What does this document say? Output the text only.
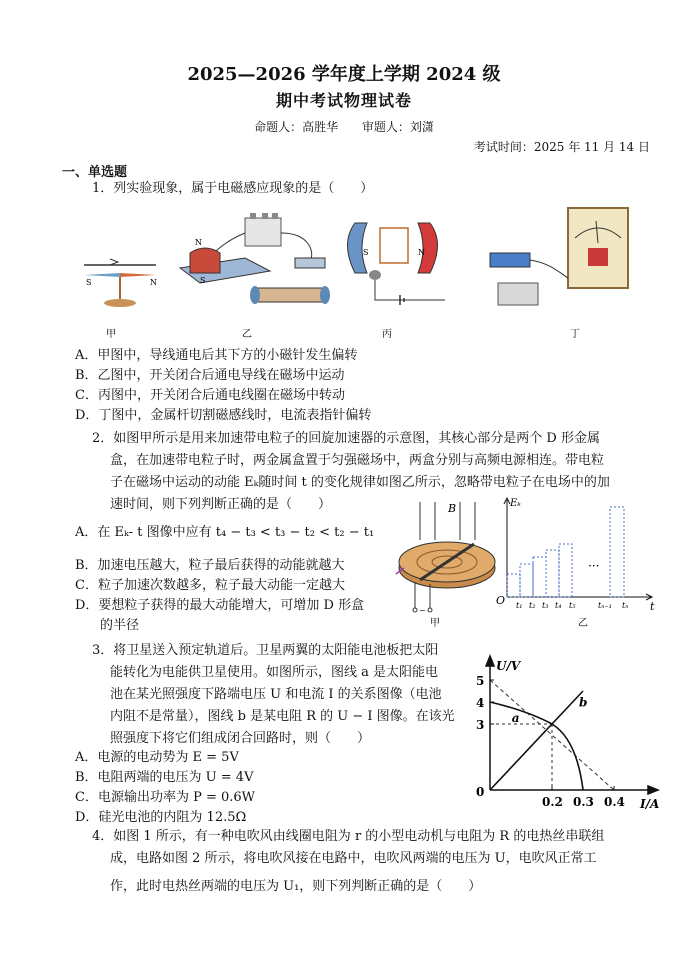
2025—2026 学年度上学期 2024 级
期中考试物理试卷
命题人：高胜华 审题人：刘潇
考试时间：2025 年 11 月 14 日
一、单选题
1．列实验现象，属于电磁感应现象的是（　　）
S	N
甲
N
S
乙
S	N
丙	丁
A．甲图中，导线通电后其下方的小磁针发生偏转
B．乙图中，开关闭合后通电导线在磁场中运动
C．丙图中，开关闭合后通电线圈在磁场中转动
D．丁图中，金属杆切割磁感线时，电流表指针偏转
2．如图甲所示是用来加速带电粒子的回旋加速器的示意图，其核心部分是两个 D 形金属
盒，在加速带电粒子时，两金属盒置于匀强磁场中，两盒分别与高频电源相连。带电粒
子在磁场中运动的动能 Eₖ随时间 t 的变化规律如图乙所示，忽略带电粒子在电场中的加
速时间，则下列判断正确的是（　　）
A．在 Eₖ- t 图像中应有 t₄ − t₃ < t₃ − t₂ < t₂ − t₁
B．加速电压越大，粒子最后获得的动能就越大
C．粒子加速次数越多，粒子最大动能一定越大
D．要想粒子获得的最大动能增大，可增加 D 形盒
的半径
B
~
甲
Eₖ
O	t
···
t₁ t₂ t₃ t₄ t₅	tₙ₋₁ tₙ
乙
3．将卫星送入预定轨道后。卫星两翼的太阳能电池板把太阳
能转化为电能供卫星使用。如图所示，图线 a 是太阳能电
池在某光照强度下路端电压 U 和电流 I 的关系图像（电池
内阻不是常量），图线 b 是某电阻 R 的 U − I 图像。在该光
照强度下将它们组成闭合回路时，则（　　）
A．电源的电动势为 E = 5V
B．电阻两端的电压为 U = 4V
C．电源输出功率为 P = 0.6W
D．硅光电池的内阻为 12.5Ω
U/V
I/A
0
a
b
3
4
5
0.2 0.3 0.4
4．如图 1 所示，有一种电吹风由线圈电阻为 r 的小型电动机与电阻为 R 的电热丝串联组
成，电路如图 2 所示，将电吹风接在电路中，电吹风两端的电压为 U，电吹风正常工
作，此时电热丝两端的电压为 U₁，则下列判断正确的是（　　）
